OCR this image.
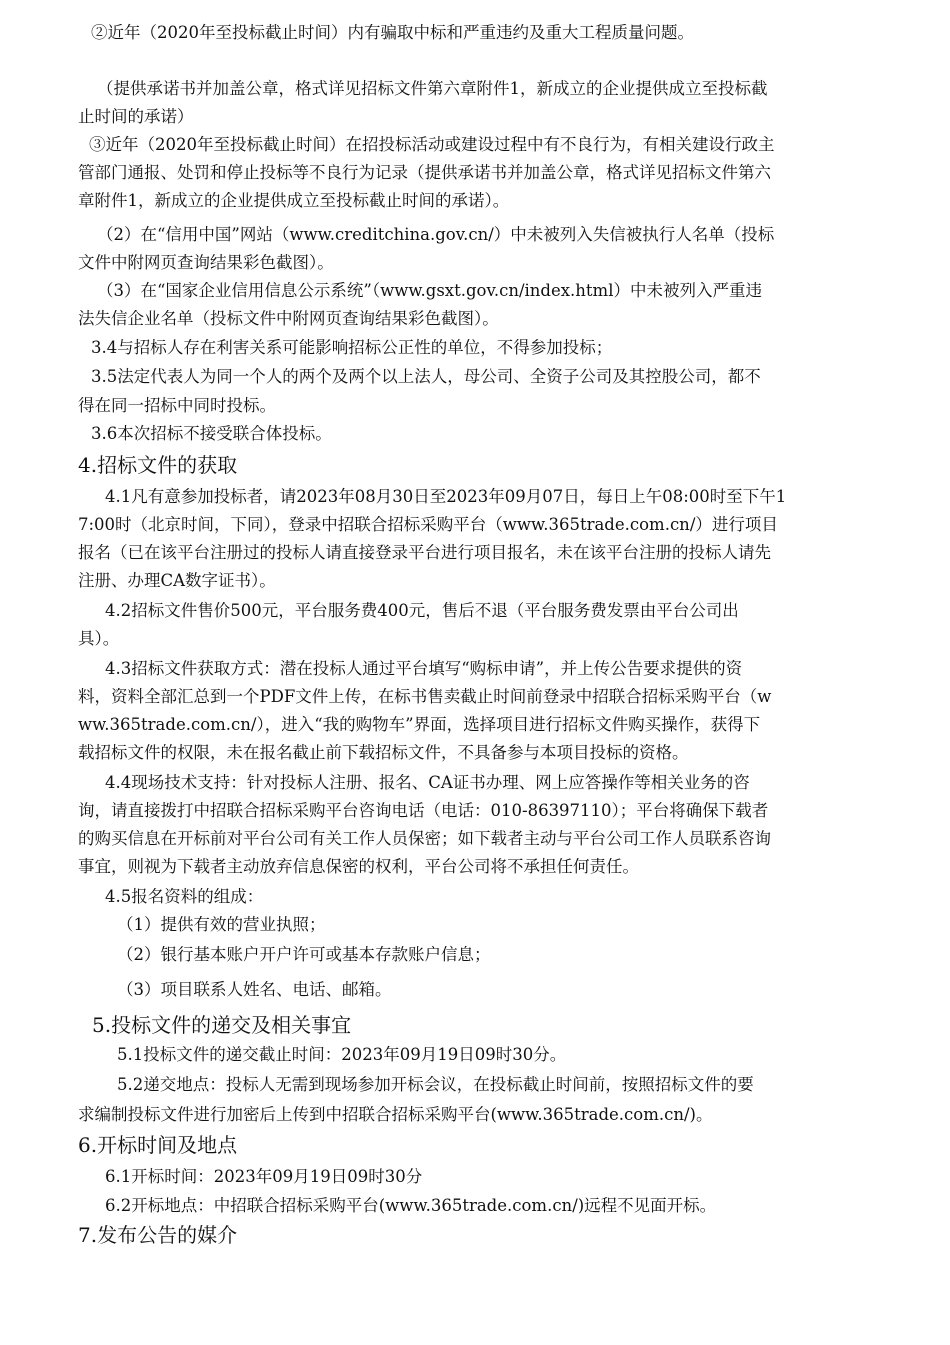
②近年（2020年至投标截止时间）内有骗取中标和严重违约及重大工程质量问题。
（提供承诺书并加盖公章，格式详见招标文件第六章附件1，新成立的企业提供成立至投标截
止时间的承诺）
③近年（2020年至投标截止时间）在招投标活动或建设过程中有不良行为，有相关建设行政主
管部门通报、处罚和停止投标等不良行为记录（提供承诺书并加盖公章，格式详见招标文件第六
章附件1，新成立的企业提供成立至投标截止时间的承诺）。
（2）在“信用中国”网站（www.creditchina.gov.cn/）中未被列入失信被执行人名单（投标
文件中附网页查询结果彩色截图）。
（3）在“国家企业信用信息公示系统”（www.gsxt.gov.cn/index.html）中未被列入严重违
法失信企业名单（投标文件中附网页查询结果彩色截图）。
3.4与招标人存在利害关系可能影响招标公正性的单位，不得参加投标；
3.5法定代表人为同一个人的两个及两个以上法人，母公司、全资子公司及其控股公司，都不
得在同一招标中同时投标。
3.6本次招标不接受联合体投标。
4.招标文件的获取
4.1凡有意参加投标者，请2023年08月30日至2023年09月07日，每日上午08:00时至下午1
7:00时（北京时间，下同），登录中招联合招标采购平台（www.365trade.com.cn/）进行项目
报名（已在该平台注册过的投标人请直接登录平台进行项目报名，未在该平台注册的投标人请先
注册、办理CA数字证书）。
4.2招标文件售价500元，平台服务费400元，售后不退（平台服务费发票由平台公司出
具）。
4.3招标文件获取方式：潜在投标人通过平台填写“购标申请”，并上传公告要求提供的资
料，资料全部汇总到一个PDF文件上传，在标书售卖截止时间前登录中招联合招标采购平台（w
ww.365trade.com.cn/），进入“我的购物车”界面，选择项目进行招标文件购买操作，获得下
载招标文件的权限，未在报名截止前下载招标文件，不具备参与本项目投标的资格。
4.4现场技术支持：针对投标人注册、报名、CA证书办理、网上应答操作等相关业务的咨
询，请直接拨打中招联合招标采购平台咨询电话（电话：010-86397110）；平台将确保下载者
的购买信息在开标前对平台公司有关工作人员保密；如下载者主动与平台公司工作人员联系咨询
事宜，则视为下载者主动放弃信息保密的权利，平台公司将不承担任何责任。
4.5报名资料的组成：
（1）提供有效的营业执照；
（2）银行基本账户开户许可或基本存款账户信息；
（3）项目联系人姓名、电话、邮箱。
5.投标文件的递交及相关事宜
5.1投标文件的递交截止时间：2023年09月19日09时30分。
5.2递交地点：投标人无需到现场参加开标会议，在投标截止时间前，按照招标文件的要
求编制投标文件进行加密后上传到中招联合招标采购平台(www.365trade.com.cn/)。
6.开标时间及地点
6.1开标时间：2023年09月19日09时30分
6.2开标地点：中招联合招标采购平台(www.365trade.com.cn/)远程不见面开标。
7.发布公告的媒介
